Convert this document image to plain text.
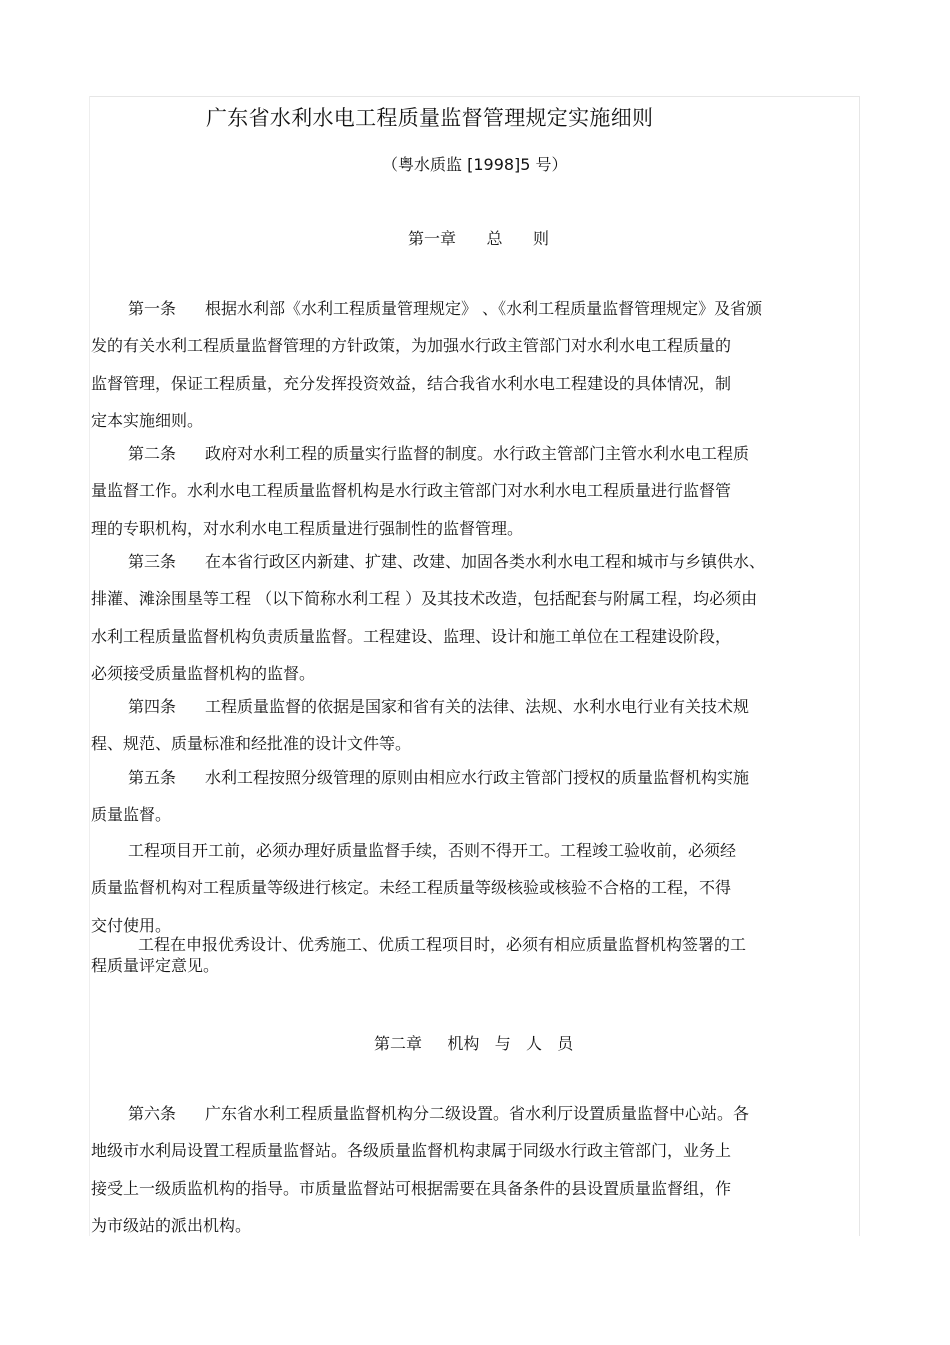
广东省水利水电工程质量监督管理规定实施细则
（粤水质监 [1998]5 号）
第一章      总      则
第一条 根据水利部《水利工程质量管理规定》 、《水利工程质量监督管理规定》及省颁
发的有关水利工程质量监督管理的方针政策，为加强水行政主管部门对水利水电工程质量的
监督管理，保证工程质量，充分发挥投资效益，结合我省水利水电工程建设的具体情况，制
定本实施细则。
第二条 政府对水利工程的质量实行监督的制度。水行政主管部门主管水利水电工程质
量监督工作。水利水电工程质量监督机构是水行政主管部门对水利水电工程质量进行监督管
理的专职机构，对水利水电工程质量进行强制性的监督管理。
第三条 在本省行政区内新建、扩建、改建、加固各类水利水电工程和城市与乡镇供水、
排灌、滩涂围垦等工程 （以下简称水利工程 ）及其技术改造，包括配套与附属工程，均必须由
水利工程质量监督机构负责质量监督。工程建设、监理、设计和施工单位在工程建设阶段，
必须接受质量监督机构的监督。
第四条 工程质量监督的依据是国家和省有关的法律、法规、水利水电行业有关技术规
程、规范、质量标准和经批准的设计文件等。
第五条 水利工程按照分级管理的原则由相应水行政主管部门授权的质量监督机构实施
质量监督。
工程项目开工前，必须办理好质量监督手续，否则不得开工。工程竣工验收前，必须经
质量监督机构对工程质量等级进行核定。未经工程质量等级核验或核验不合格的工程，不得
交付使用。
工程在申报优秀设计、优秀施工、优质工程项目时，必须有相应质量监督机构签署的工
程质量评定意见。
第二章     机构   与   人   员
第六条 广东省水利工程质量监督机构分二级设置。省水利厅设置质量监督中心站。各
地级市水利局设置工程质量监督站。各级质量监督机构隶属于同级水行政主管部门，业务上
接受上一级质监机构的指导。市质量监督站可根据需要在具备条件的县设置质量监督组，作
为市级站的派出机构。
